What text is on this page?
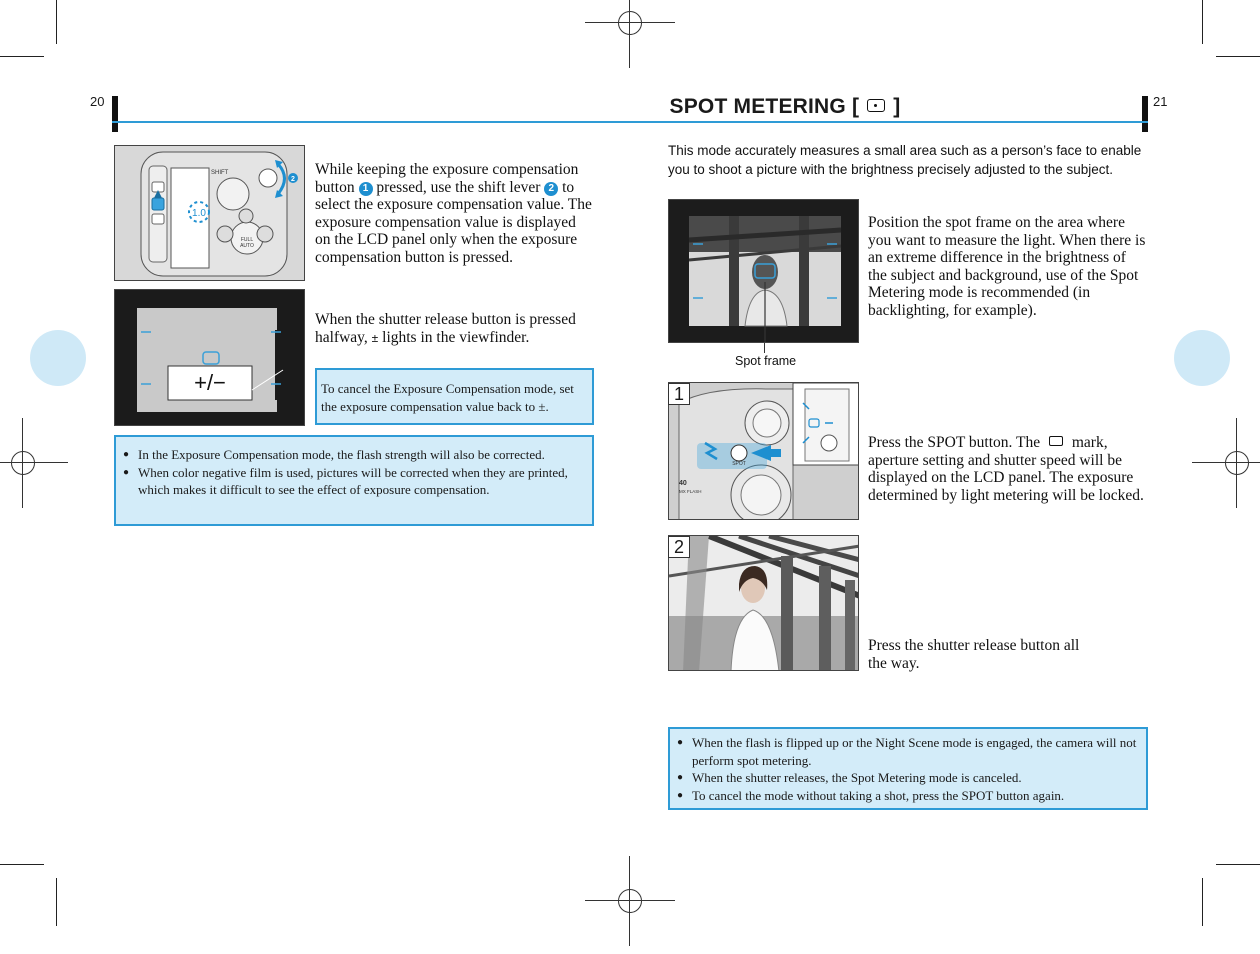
20	21
SPOT METERING [ ]
2
1.0
SHIFT
FULL
AUTO
While keeping the exposure compensation button 1 pressed, use the shift lever 2 to select the exposure compensation value. The exposure compensation value is displayed on the LCD panel only when the exposure compensation button is pressed.
+/−
When the shutter release button is pressed halfway, ± lights in the viewfinder.
To cancel the Exposure Compensation mode, set the exposure compensation value back to ±.
● In the Exposure Compensation mode, the flash strength will also be corrected.
● When color negative film is used, pictures will be corrected when they are printed, which makes it difficult to see the effect of exposure compensation.
This mode accurately measures a small area such as a person’s face to enable you to shoot a picture with the brightness precisely adjusted to the subject.
Spot frame
Position the spot frame on the area where you want to measure the light. When there is an extreme difference in the brightness of the subject and background, use of the Spot Metering mode is recommended (in backlighting, for example).
SPOT
40
MX FLASH
1
Press the SPOT button. The mark, aperture setting and shutter speed will be displayed on the LCD panel. The exposure determined by light metering will be locked.
2
Press the shutter release button all the way.
● When the flash is flipped up or the Night Scene mode is engaged, the camera will not perform spot metering.
● When the shutter releases, the Spot Metering mode is canceled.
● To cancel the mode without taking a shot, press the SPOT button again.
